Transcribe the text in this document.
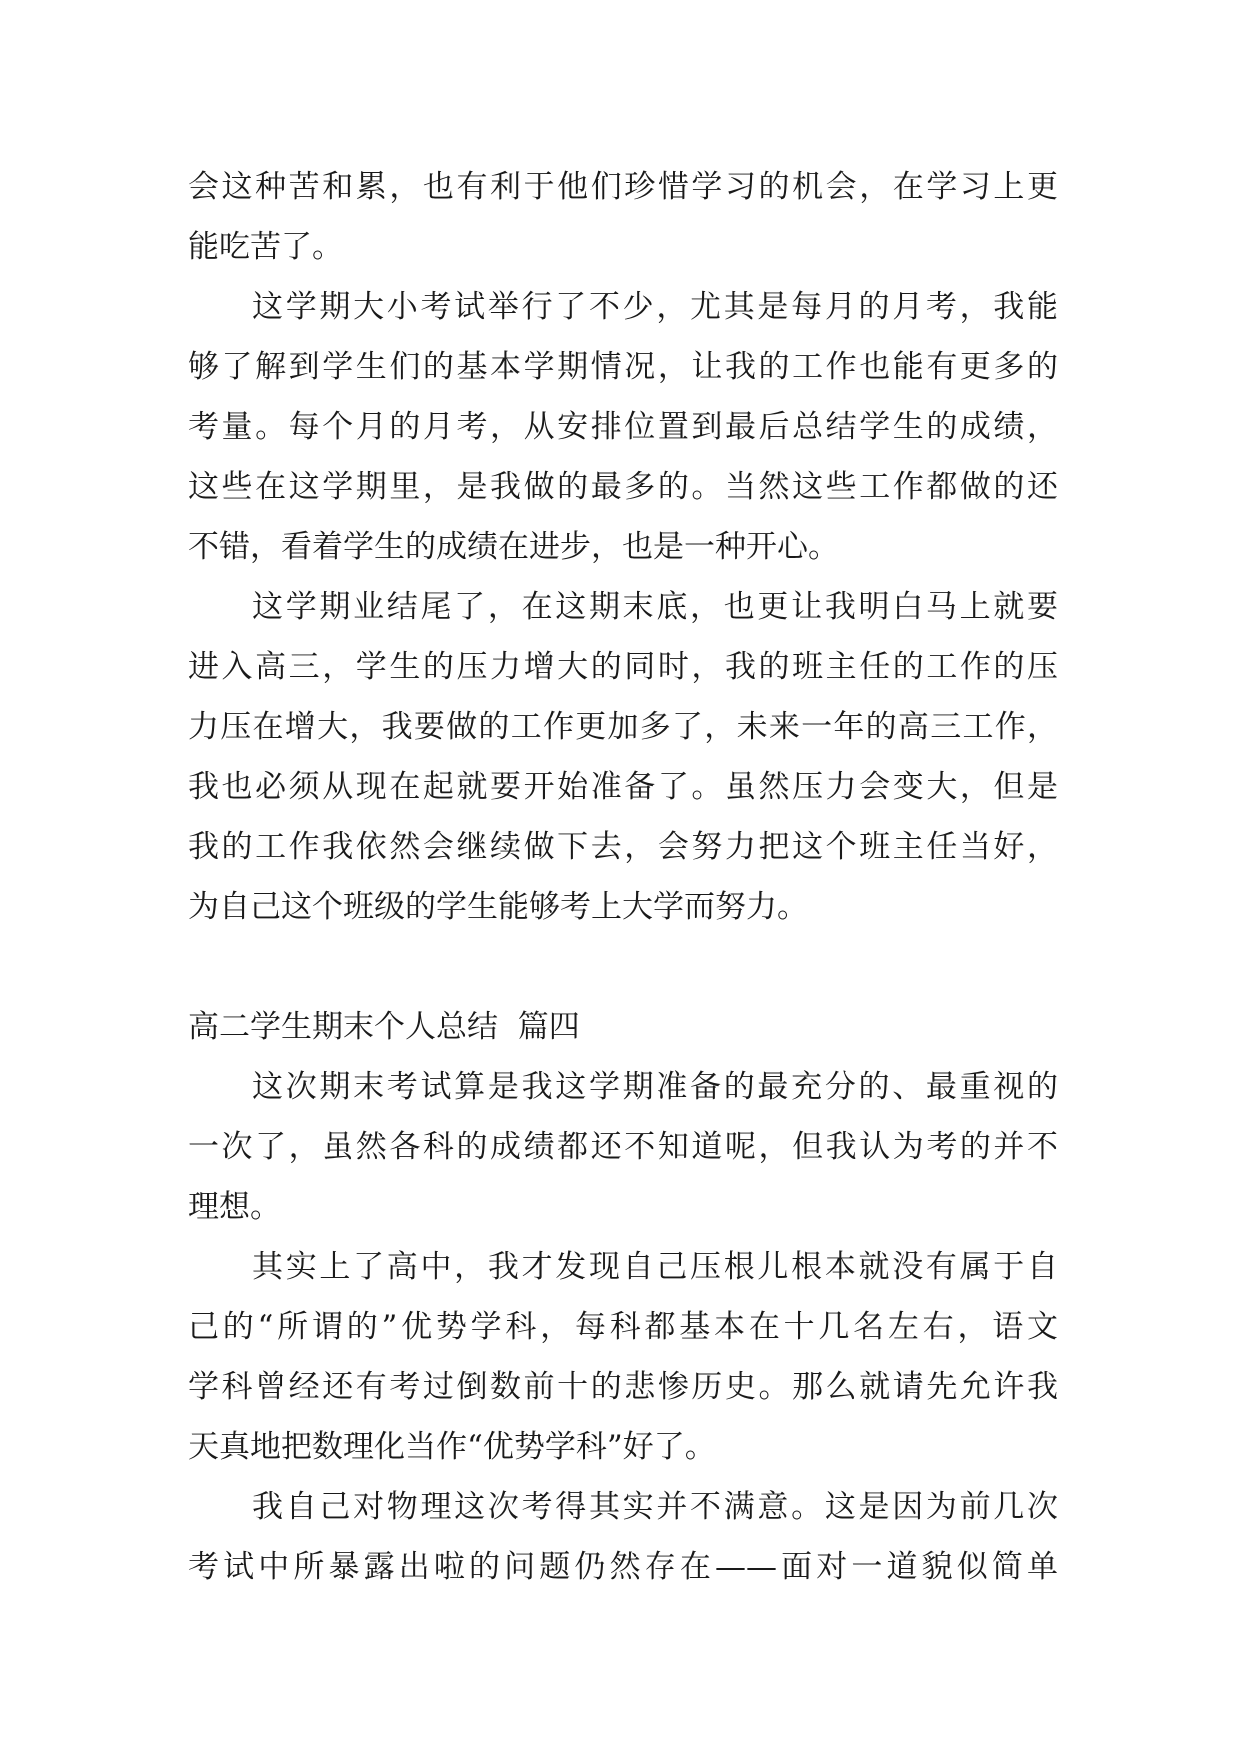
会这种苦和累，也有利于他们珍惜学习的机会，在学习上更
能吃苦了。
这学期大小考试举行了不少，尤其是每月的月考，我能
够了解到学生们的基本学期情况，让我的工作也能有更多的
考量。每个月的月考，从安排位置到最后总结学生的成绩，
这些在这学期里，是我做的最多的。当然这些工作都做的还
不错，看着学生的成绩在进步，也是一种开心。
这学期业结尾了，在这期末底，也更让我明白马上就要
进入高三，学生的压力增大的同时，我的班主任的工作的压
力压在增大，我要做的工作更加多了，未来一年的高三工作，
我也必须从现在起就要开始准备了。虽然压力会变大，但是
我的工作我依然会继续做下去，会努力把这个班主任当好，
为自己这个班级的学生能够考上大学而努力。
高二学生期末个人总结  篇四
这次期末考试算是我这学期准备的最充分的、最重视的
一次了，虽然各科的成绩都还不知道呢，但我认为考的并不
理想。
其实上了高中，我才发现自己压根儿根本就没有属于自
己的“所谓的”优势学科，每科都基本在十几名左右，语文
学科曾经还有考过倒数前十的悲惨历史。那么就请先允许我
天真地把数理化当作“优势学科”好了。
我自己对物理这次考得其实并不满意。这是因为前几次
考试中所暴露出啦的问题仍然存在——面对一道貌似简单
